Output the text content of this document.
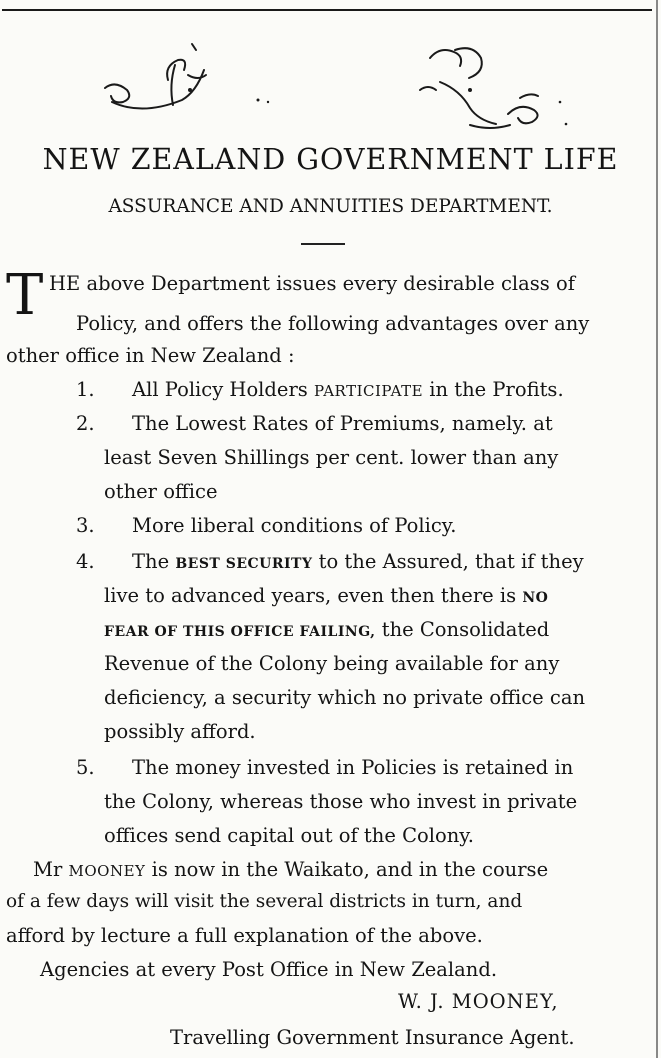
NEW ZEALAND GOVERNMENT LIFE
ASSURANCE AND ANNUITIES DEPARTMENT.
T HE above Department issues every desirable class of
Policy, and offers the following advantages over any
other office in New Zealand :
1. All Policy Holders PARTICIPATE in the Profits.
2. The Lowest Rates of Premiums, namely. at
least Seven Shillings per cent. lower than any
other office
3. More liberal conditions of Policy.
4. The BEST SECURITY to the Assured, that if they
live to advanced years, even then there is NO
FEAR OF THIS OFFICE FAILING, the Consolidated
Revenue of the Colony being available for any
deficiency, a security which no private office can
possibly afford.
5. The money invested in Policies is retained in
the Colony, whereas those who invest in private
offices send capital out of the Colony.
Mr MOONEY is now in the Waikato, and in the course
of a few days will visit the several districts in turn, and
afford by lecture a full explanation of the above.
Agencies at every Post Office in New Zealand.
W. J. MOONEY,
Travelling Government Insurance Agent.
